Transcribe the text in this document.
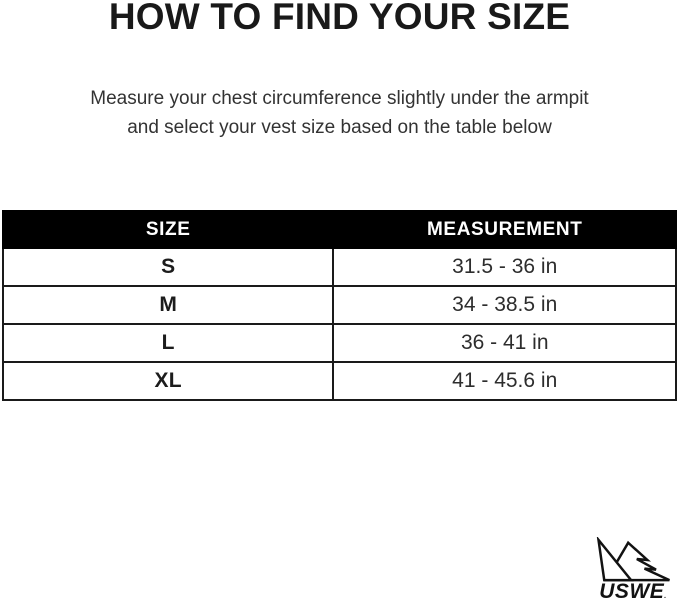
HOW TO FIND YOUR SIZE
Measure your chest circumference slightly under the armpit
and select your vest size based on the table below
SIZE	MEASUREMENT
S	31.5 - 36 in
M	34 - 38.5 in
L	36 - 41 in
XL	41 - 45.6 in
USWE.
